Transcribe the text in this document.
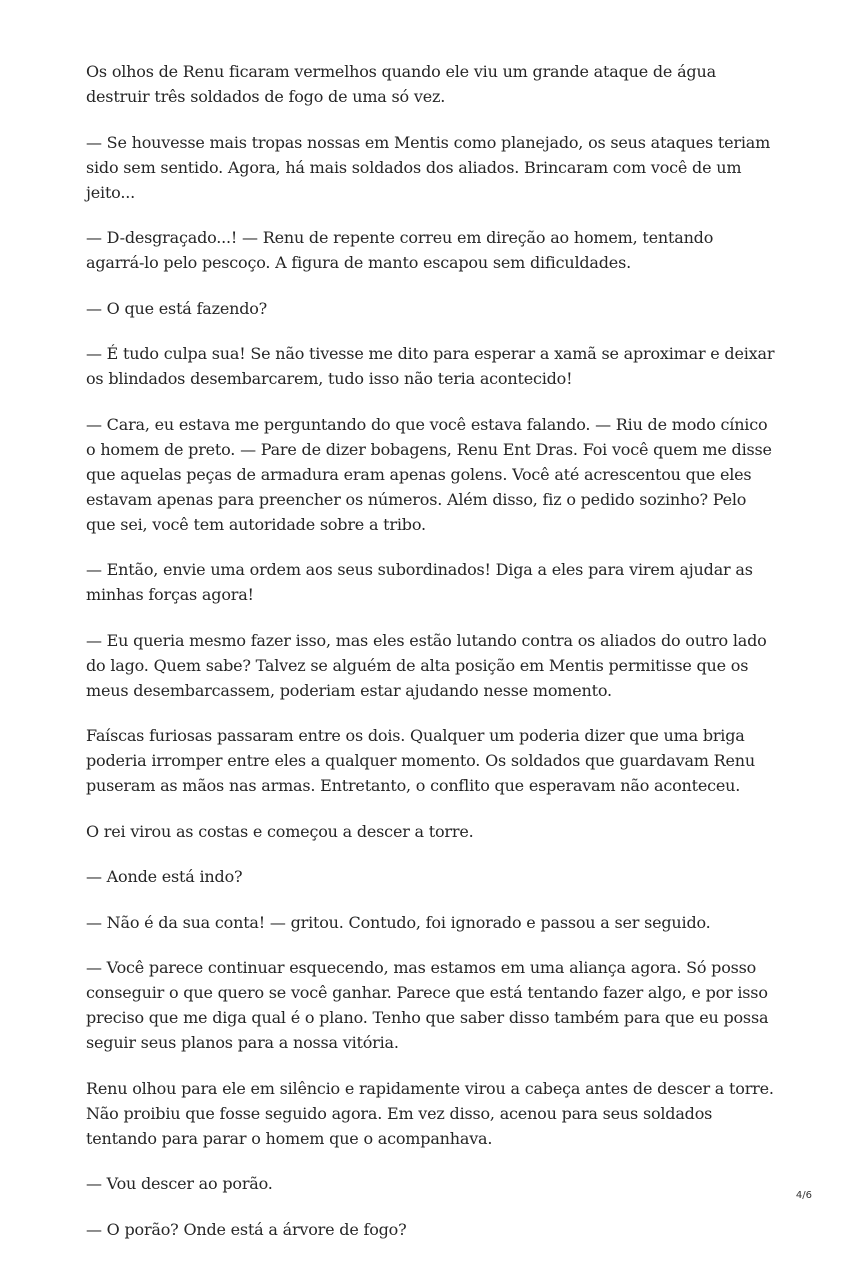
Os olhos de Renu ficaram vermelhos quando ele viu um grande ataque de água destruir três soldados de fogo de uma só vez.

— Se houvesse mais tropas nossas em Mentis como planejado, os seus ataques teriam sido sem sentido. Agora, há mais soldados dos aliados. Brincaram com você de um jeito...

— D-desgraçado...! — Renu de repente correu em direção ao homem, tentando agarrá-lo pelo pescoço. A figura de manto escapou sem dificuldades.

— O que está fazendo?

— É tudo culpa sua! Se não tivesse me dito para esperar a xamã se aproximar e deixar os blindados desembarcarem, tudo isso não teria acontecido!

— Cara, eu estava me perguntando do que você estava falando. — Riu de modo cínico o homem de preto. — Pare de dizer bobagens, Renu Ent Dras. Foi você quem me disse que aquelas peças de armadura eram apenas golens. Você até acrescentou que eles estavam apenas para preencher os números. Além disso, fiz o pedido sozinho? Pelo que sei, você tem autoridade sobre a tribo.

— Então, envie uma ordem aos seus subordinados! Diga a eles para virem ajudar as minhas forças agora!

— Eu queria mesmo fazer isso, mas eles estão lutando contra os aliados do outro lado do lago. Quem sabe? Talvez se alguém de alta posição em Mentis permitisse que os meus desembarcassem, poderiam estar ajudando nesse momento.

Faíscas furiosas passaram entre os dois. Qualquer um poderia dizer que uma briga poderia irromper entre eles a qualquer momento. Os soldados que guardavam Renu puseram as mãos nas armas. Entretanto, o conflito que esperavam não aconteceu.

O rei virou as costas e começou a descer a torre.

— Aonde está indo?

— Não é da sua conta! — gritou. Contudo, foi ignorado e passou a ser seguido.

— Você parece continuar esquecendo, mas estamos em uma aliança agora. Só posso conseguir o que quero se você ganhar. Parece que está tentando fazer algo, e por isso preciso que me diga qual é o plano. Tenho que saber disso também para que eu possa seguir seus planos para a nossa vitória.

Renu olhou para ele em silêncio e rapidamente virou a cabeça antes de descer a torre. Não proibiu que fosse seguido agora. Em vez disso, acenou para seus soldados tentando para parar o homem que o acompanhava.

— Vou descer ao porão.

— O porão? Onde está a árvore de fogo?

4/6
